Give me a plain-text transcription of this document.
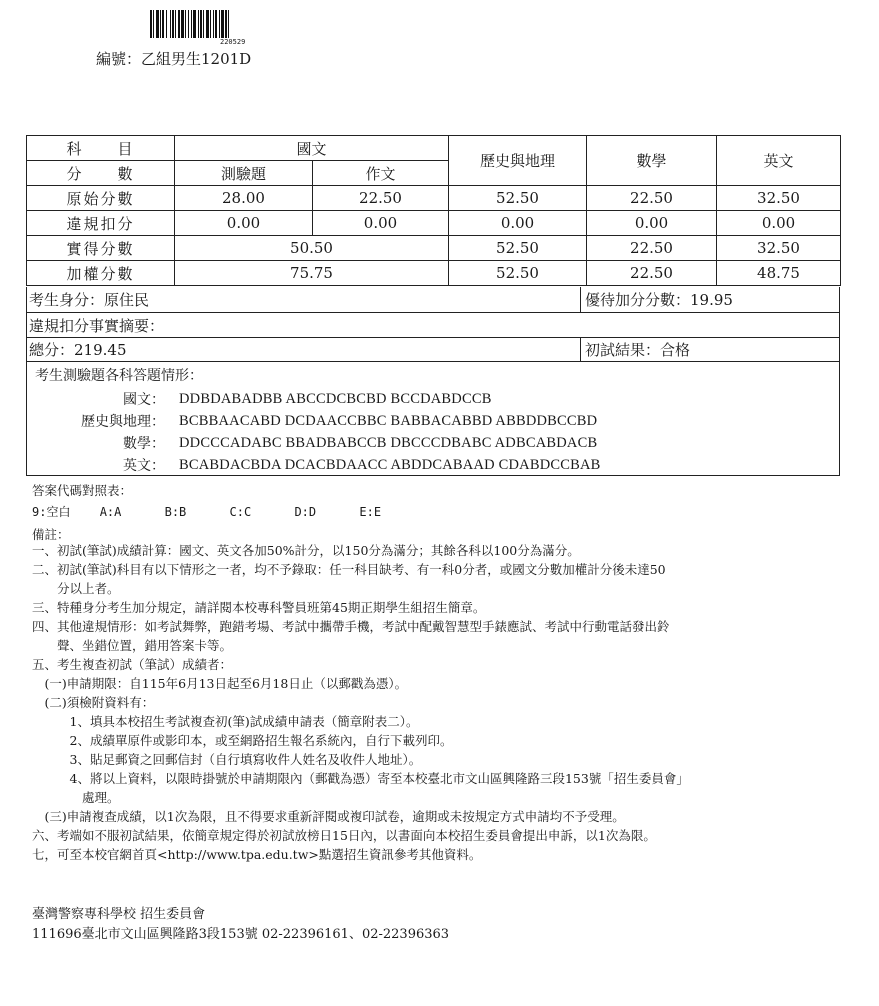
220529
編號：乙組男生1201D
科　　目	國文		歷史與地理	數學	英文
分　　數	測驗題	作文			
原始分數	28.00	22.50	52.50	22.50	32.50
違規扣分	0.00	0.00	0.00	0.00	0.00
實得分數	50.50		52.50	22.50	32.50
加權分數	75.75		52.50	22.50	48.75
考生身分：原住民	優待加分分數：19.95
違規扣分事實摘要：
總分：219.45	初試結果：合格
考生測驗題各科答題情形：
國文： DDBDABADBB ABCCDCBCBD BCCDABDCCB
歷史與地理： BCBBAACABD DCDAACCBBC BABBACABBD ABBDDBCCBD
數學： DDCCCADABC BBADBABCCB DBCCCDBABC ADBCABDACB
英文： BCABDACBDA DCACBDAACC ABDDCABAAD CDABDCCBAB
答案代碼對照表：
9:空白 A:A	B:B	C:C	D:D	E:E
備註：
一、初試(筆試)成績計算：國文、英文各加50%計分，以150分為滿分；其餘各科以100分為滿分。
二、初試(筆試)科目有以下情形之一者，均不予錄取：任一科目缺考、有一科0分者，或國文分數加權計分後未達50
　　分以上者。
三、特種身分考生加分規定，請詳閱本校專科警員班第45期正期學生組招生簡章。
四、其他違規情形：如考試舞弊，跑錯考場、考試中攜帶手機，考試中配戴智慧型手錶應試、考試中行動電話發出鈴
　　聲、坐錯位置，錯用答案卡等。
五、考生複查初試（筆試）成績者：
　(一)申請期限：自115年6月13日起至6月18日止（以郵戳為憑）。
　(二)須檢附資料有：
　　　1、填具本校招生考試複查初(筆)試成績申請表（簡章附表二）。
　　　2、成績單原件或影印本，或至網路招生報名系統內，自行下載列印。
　　　3、貼足郵資之回郵信封（自行填寫收件人姓名及收件人地址）。
　　　4、將以上資料，以限時掛號於申請期限內（郵戳為憑）寄至本校臺北市文山區興隆路三段153號「招生委員會」
　　　　處理。
　(三)申請複查成績，以1次為限，且不得要求重新評閱或複印試卷，逾期或未按規定方式申請均不予受理。
六、考端如不服初試結果，依簡章規定得於初試放榜日15日內，以書面向本校招生委員會提出申訴，以1次為限。
七，可至本校官網首頁<http://www.tpa.edu.tw>點選招生資訊參考其他資料。
臺灣警察專科學校 招生委員會
111696臺北市文山區興隆路3段153號 02-22396161、02-22396363
